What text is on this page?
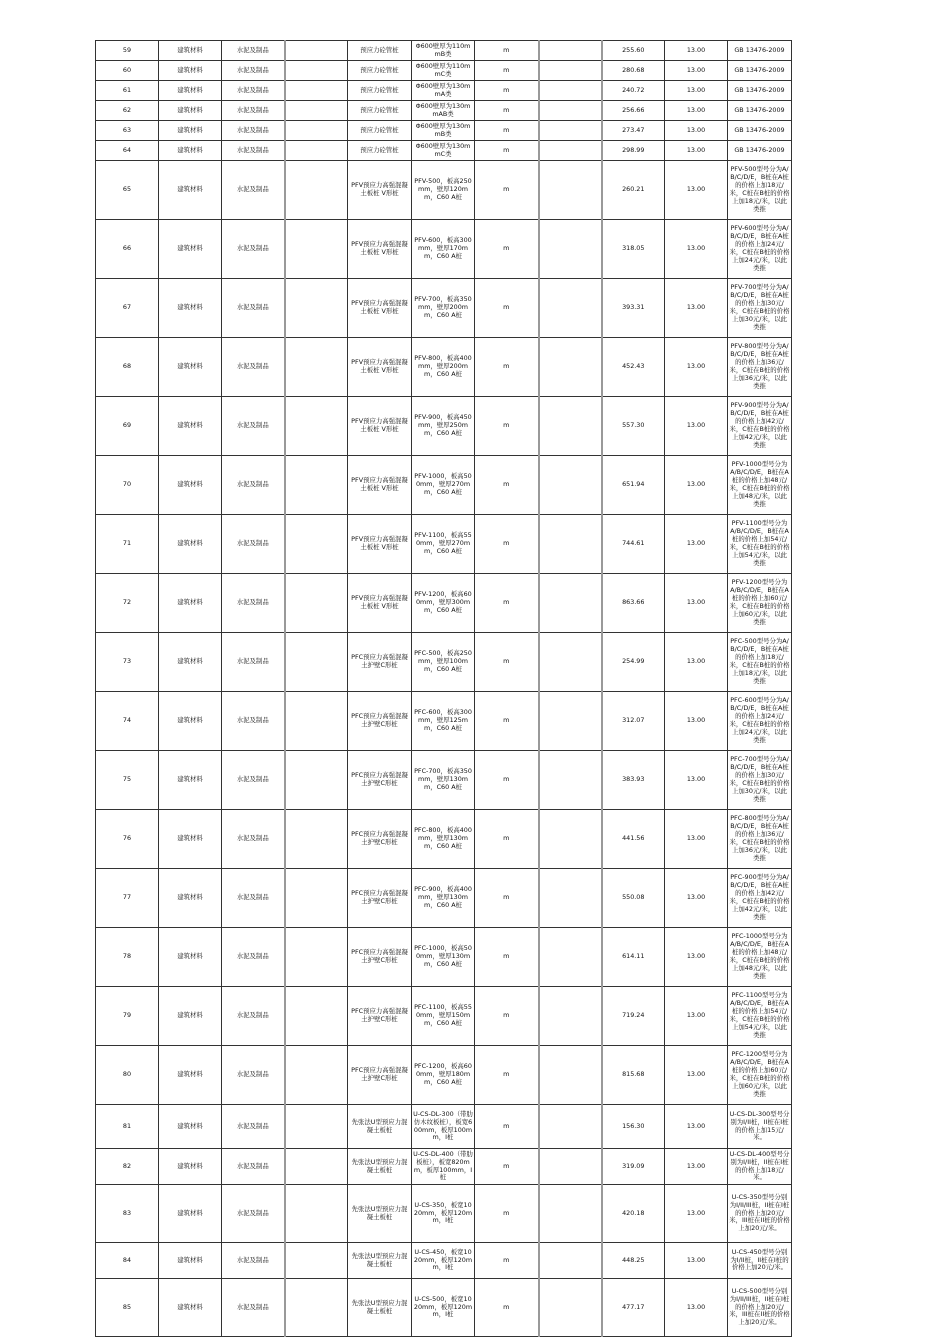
59	建筑材料	水泥及制品		预应力砼管桩	Φ600壁厚为110mmB类	m		255.60	13.00	GB 13476-2009
60	建筑材料	水泥及制品		预应力砼管桩	Φ600壁厚为110mmC类	m		280.68	13.00	GB 13476-2009
61	建筑材料	水泥及制品		预应力砼管桩	Φ600壁厚为130mmA类	m		240.72	13.00	GB 13476-2009
62	建筑材料	水泥及制品		预应力砼管桩	Φ600壁厚为130mmAB类	m		256.66	13.00	GB 13476-2009
63	建筑材料	水泥及制品		预应力砼管桩	Φ600壁厚为130mmB类	m		273.47	13.00	GB 13476-2009
64	建筑材料	水泥及制品		预应力砼管桩	Φ600壁厚为130mmC类	m		298.99	13.00	GB 13476-2009
65	建筑材料	水泥及制品		PFV预应力高强混凝土板桩 V形桩	PFV-500，板高250mm，壁厚120mm，C60 A桩	m		260.21	13.00	PFV-500型号分为A/B/C/D/E，B桩在A桩的价格上加18元/米，C桩在B桩的价格上加18元/米，以此类推
66	建筑材料	水泥及制品		PFV预应力高强混凝土板桩 V形桩	PFV-600，板高300mm，壁厚170mm，C60 A桩	m		318.05	13.00	PFV-600型号分为A/B/C/D/E，B桩在A桩的价格上加24元/米，C桩在B桩的价格上加24元/米，以此类推
67	建筑材料	水泥及制品		PFV预应力高强混凝土板桩 V形桩	PFV-700，板高350mm，壁厚200mm，C60 A桩	m		393.31	13.00	PFV-700型号分为A/B/C/D/E，B桩在A桩的价格上加30元/米，C桩在B桩的价格上加30元/米，以此类推
68	建筑材料	水泥及制品		PFV预应力高强混凝土板桩 V形桩	PFV-800，板高400mm，壁厚200mm，C60 A桩	m		452.43	13.00	PFV-800型号分为A/B/C/D/E，B桩在A桩的价格上加36元/米，C桩在B桩的价格上加36元/米，以此类推
69	建筑材料	水泥及制品		PFV预应力高强混凝土板桩 V形桩	PFV-900，板高450mm，壁厚250mm，C60 A桩	m		557.30	13.00	PFV-900型号分为A/B/C/D/E，B桩在A桩的价格上加42元/米，C桩在B桩的价格上加42元/米，以此类推
70	建筑材料	水泥及制品		PFV预应力高强混凝土板桩 V形桩	PFV-1000，板高500mm，壁厚270mm，C60 A桩	m		651.94	13.00	PFV-1000型号分为A/B/C/D/E，B桩在A桩的价格上加48元/米，C桩在B桩的价格上加48元/米，以此类推
71	建筑材料	水泥及制品		PFV预应力高强混凝土板桩 V形桩	PFV-1100，板高550mm，壁厚270mm，C60 A桩	m		744.61	13.00	PFV-1100型号分为A/B/C/D/E，B桩在A桩的价格上加54元/米，C桩在B桩的价格上加54元/米，以此类推
72	建筑材料	水泥及制品		PFV预应力高强混凝土板桩 V形桩	PFV-1200，板高600mm，壁厚300mm，C60 A桩	m		863.66	13.00	PFV-1200型号分为A/B/C/D/E，B桩在A桩的价格上加60元/米，C桩在B桩的价格上加60元/米，以此类推
73	建筑材料	水泥及制品		PFC预应力高强混凝土护壁C形桩	PFC-500，板高250mm，壁厚100mm，C60 A桩	m		254.99	13.00	PFC-500型号分为A/B/C/D/E，B桩在A桩的价格上加18元/米，C桩在B桩的价格上加18元/米，以此类推
74	建筑材料	水泥及制品		PFC预应力高强混凝土护壁C形桩	PFC-600，板高300mm，壁厚125mm，C60 A桩	m		312.07	13.00	PFC-600型号分为A/B/C/D/E，B桩在A桩的价格上加24元/米，C桩在B桩的价格上加24元/米，以此类推
75	建筑材料	水泥及制品		PFC预应力高强混凝土护壁C形桩	PFC-700，板高350mm，壁厚130mm，C60 A桩	m		383.93	13.00	PFC-700型号分为A/B/C/D/E，B桩在A桩的价格上加30元/米，C桩在B桩的价格上加30元/米，以此类推
76	建筑材料	水泥及制品		PFC预应力高强混凝土护壁C形桩	PFC-800，板高400mm，壁厚130mm，C60 A桩	m		441.56	13.00	PFC-800型号分为A/B/C/D/E，B桩在A桩的价格上加36元/米，C桩在B桩的价格上加36元/米，以此类推
77	建筑材料	水泥及制品		PFC预应力高强混凝土护壁C形桩	PFC-900，板高400mm，壁厚130mm，C60 A桩	m		550.08	13.00	PFC-900型号分为A/B/C/D/E，B桩在A桩的价格上加42元/米，C桩在B桩的价格上加42元/米，以此类推
78	建筑材料	水泥及制品		PFC预应力高强混凝土护壁C形桩	PFC-1000，板高500mm，壁厚130mm，C60 A桩	m		614.11	13.00	PFC-1000型号分为A/B/C/D/E，B桩在A桩的价格上加48元/米，C桩在B桩的价格上加48元/米，以此类推
79	建筑材料	水泥及制品		PFC预应力高强混凝土护壁C形桩	PFC-1100，板高550mm，壁厚150mm，C60 A桩	m		719.24	13.00	PFC-1100型号分为A/B/C/D/E，B桩在A桩的价格上加54元/米，C桩在B桩的价格上加54元/米，以此类推
80	建筑材料	水泥及制品		PFC预应力高强混凝土护壁C形桩	PFC-1200，板高600mm，壁厚180mm，C60 A桩	m		815.68	13.00	PFC-1200型号分为A/B/C/D/E，B桩在A桩的价格上加60元/米，C桩在B桩的价格上加60元/米，以此类推
81	建筑材料	水泥及制品		先张法U型预应力混凝土板桩	U-CS-DL-300（带肋仿木纹板桩），板宽600mm，板厚100mm，I桩	m		156.30	13.00	U-CS-DL-300型号分别为I/II桩，II桩在I桩的价格上加15元/米。
82	建筑材料	水泥及制品		先张法U型预应力混凝土板桩	U-CS-DL-400（带肋板桩），板宽820mm，板厚100mm，I桩	m		319.09	13.00	U-CS-DL-400型号分别为I/II桩，II桩在I桩的价格上加18元/米。
83	建筑材料	水泥及制品		先张法U型预应力混凝土板桩	U-CS-350，板宽1020mm，板厚120mm，I桩	m		420.18	13.00	U-CS-350型号分别为I/II/III桩，II桩在I桩的价格上加20元/米，III桩在II桩的价格上加20元/米。
84	建筑材料	水泥及制品		先张法U型预应力混凝土板桩	U-CS-450，板宽1020mm，板厚120mm，I桩	m		448.25	13.00	U-CS-450型号分别为I/II桩，II桩在I桩的价格上加20元/米。
85	建筑材料	水泥及制品		先张法U型预应力混凝土板桩	U-CS-500，板宽1020mm，板厚120mm，I桩	m		477.17	13.00	U-CS-500型号分别为I/II/III桩，II桩在I桩的价格上加20元/米，III桩在II桩的价格上加20元/米。
